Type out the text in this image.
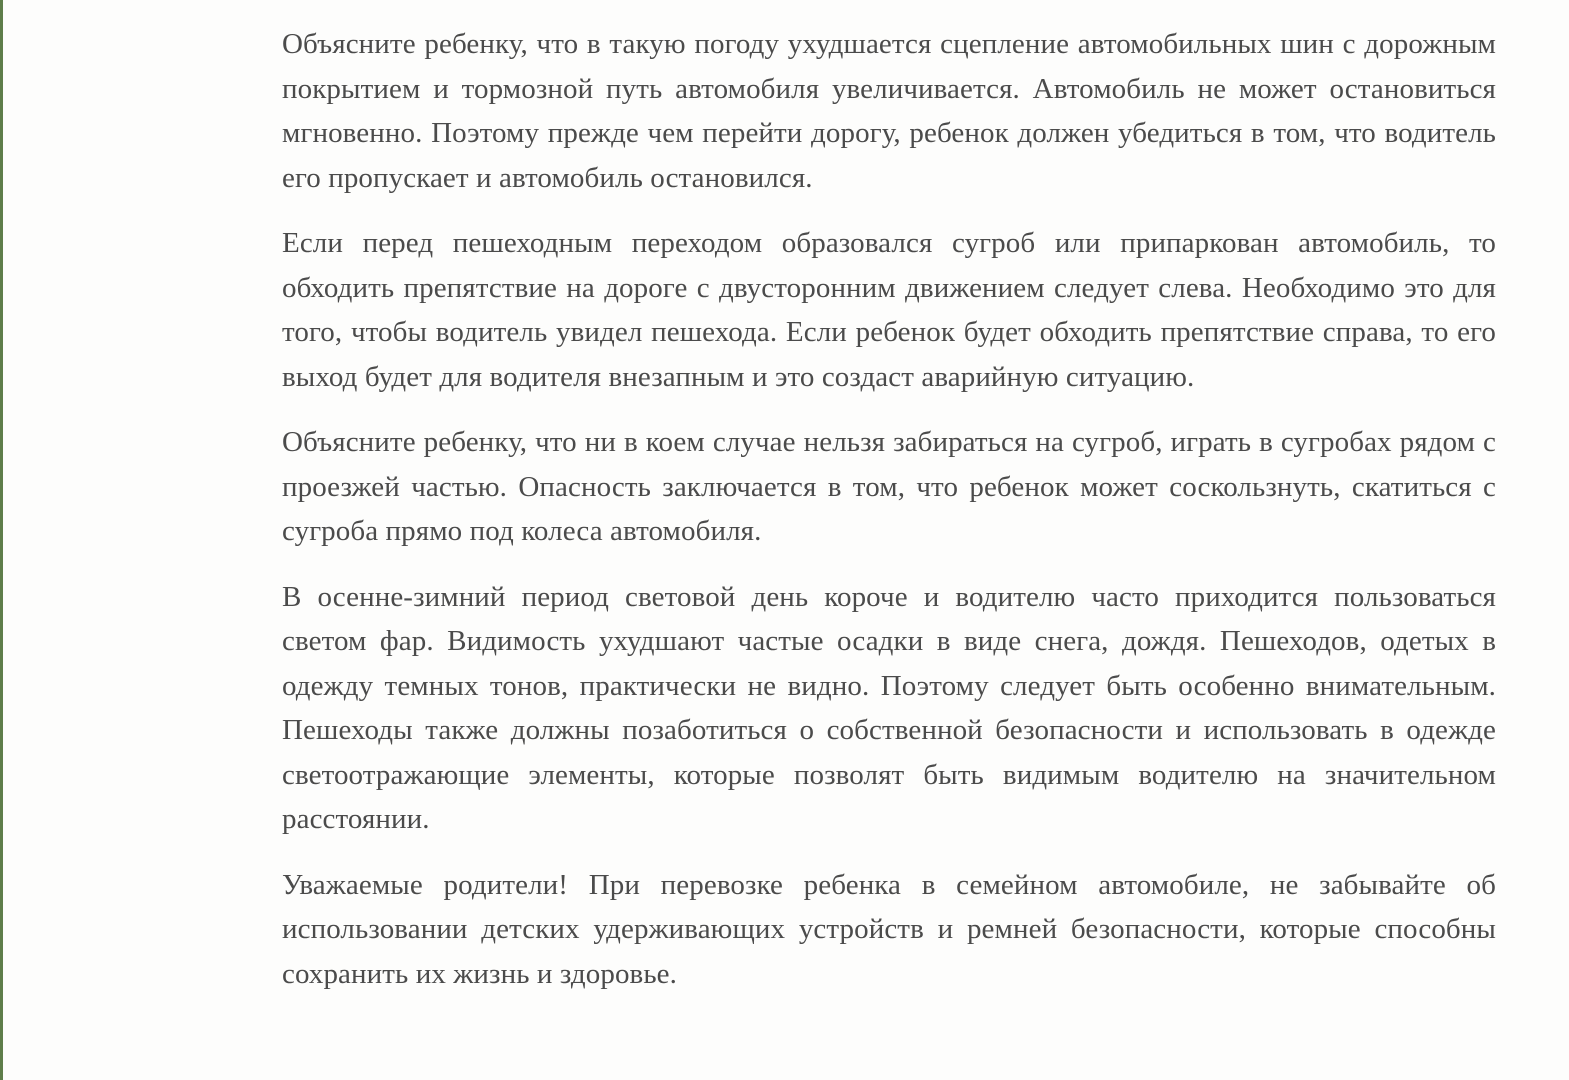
Объясните ребенку, что в такую погоду ухудшается сцепление автомобильных шин с дорожным покрытием и тормозной путь автомобиля увеличивается. Автомобиль не может остановиться мгновенно. Поэтому прежде чем перейти дорогу, ребенок должен убедиться в том, что водитель его пропускает и автомобиль остановился.

Если перед пешеходным переходом образовался сугроб или припаркован автомобиль, то обходить препятствие на дороге с двусторонним движением следует слева. Необходимо это для того, чтобы водитель увидел пешехода. Если ребенок будет обходить препятствие справа, то его выход будет для водителя внезапным и это создаст аварийную ситуацию.

Объясните ребенку, что ни в коем случае нельзя забираться на сугроб, играть в сугробах рядом с проезжей частью. Опасность заключается в том, что ребенок может соскользнуть, скатиться с сугроба прямо под колеса автомобиля.

В осенне-зимний период световой день короче и водителю часто приходится пользоваться светом фар. Видимость ухудшают частые осадки в виде снега, дождя. Пешеходов, одетых в одежду темных тонов, практически не видно. Поэтому следует быть особенно внимательным. Пешеходы также должны позаботиться о собственной безопасности и использовать в одежде светоотражающие элементы, которые позволят быть видимым водителю на значительном расстоянии.

Уважаемые родители! При перевозке ребенка в семейном автомобиле, не забывайте об использовании детских удерживающих устройств и ремней безопасности, которые способны сохранить их жизнь и здоровье.
